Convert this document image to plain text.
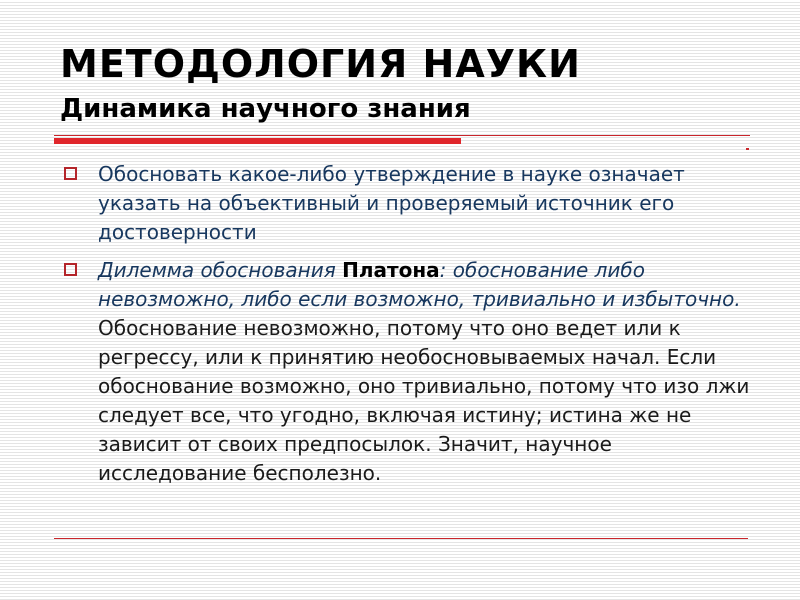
МЕТОДОЛОГИЯ НАУКИ
Динамика научного знания
Обосновать какое-либо утверждение в науке означает указать на объективный и проверяемый источник его достоверности
Дилемма обоснования Платона: обоснование либо невозможно, либо если возможно, тривиально и избыточно. Обоснование невозможно, потому что оно ведет или к регрессу, или к принятию необосновываемых начал. Если обоснование возможно, оно тривиально, потому что изо лжи следует все, что угодно, включая истину; истина же не зависит от своих предпосылок. Значит, научное исследование бесполезно.
